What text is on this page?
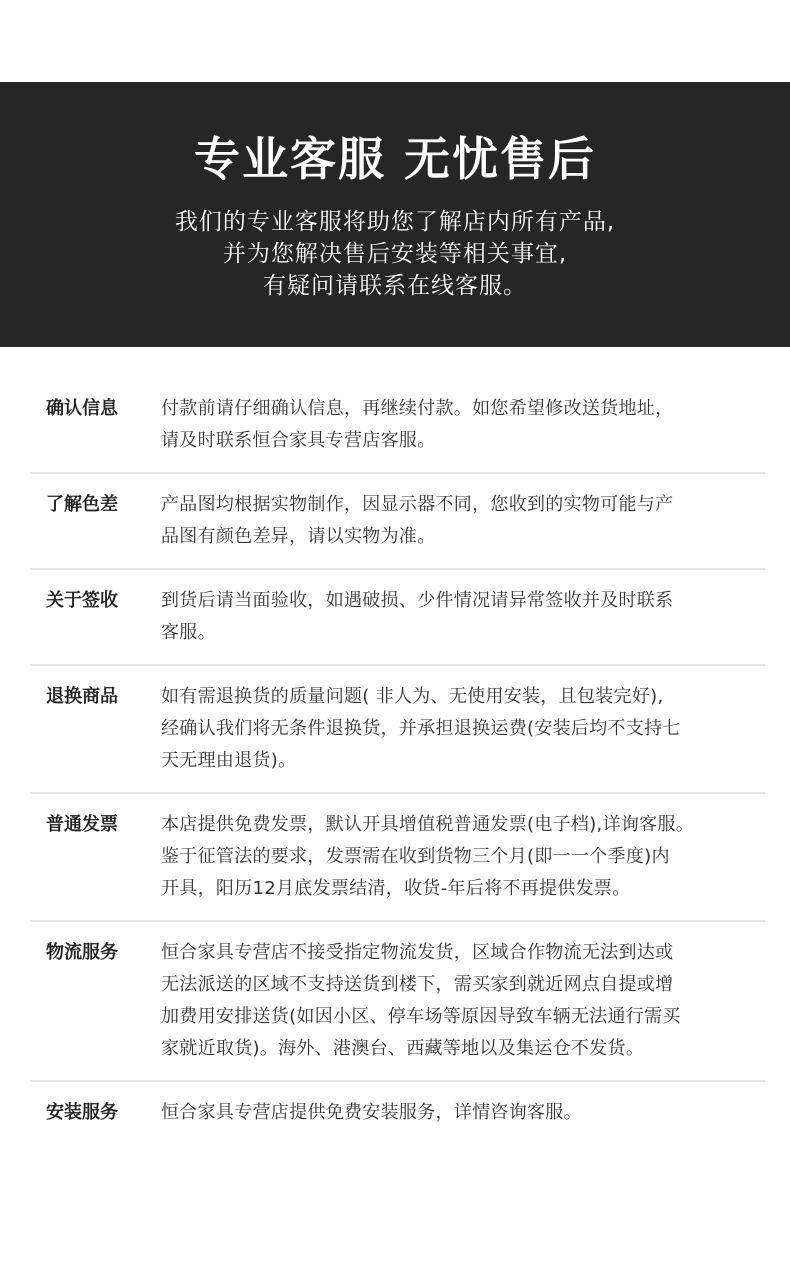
专业客服 无忧售后
我们的专业客服将助您了解店内所有产品,
并为您解决售后安装等相关事宜,
有疑问请联系在线客服。
确认信息	付款前请仔细确认信息，再继续付款。如您希望修改送货地址，
请及时联系恒合家具专营店客服。
了解色差	产品图均根据实物制作，因显示器不同，您收到的实物可能与产
品图有颜色差异，请以实物为准。
关于签收	到货后请当面验收，如遇破损、少件情况请异常签收并及时联系
客服。
退换商品	如有需退换货的质量问题( 非人为、无使用安装，且包装完好),
经确认我们将无条件退换货，并承担退换运费(安装后均不支持七
天无理由退货)。
普通发票	本店提供免费发票，默认开具增值税普通发票(电子档),详询客服。
鉴于征管法的要求，发票需在收到货物三个月(即一一个季度)内
开具，阳历12月底发票结清，收货-年后将不再提供发票。
物流服务	恒合家具专营店不接受指定物流发货，区域合作物流无法到达或
无法派送的区域不支持送货到楼下，需买家到就近网点自提或增
加费用安排送货(如因小区、停车场等原因导致车辆无法通行需买
家就近取货)。海外、港澳台、西藏等地以及集运仓不发货。
安装服务	恒合家具专营店提供免费安装服务，详情咨询客服。
